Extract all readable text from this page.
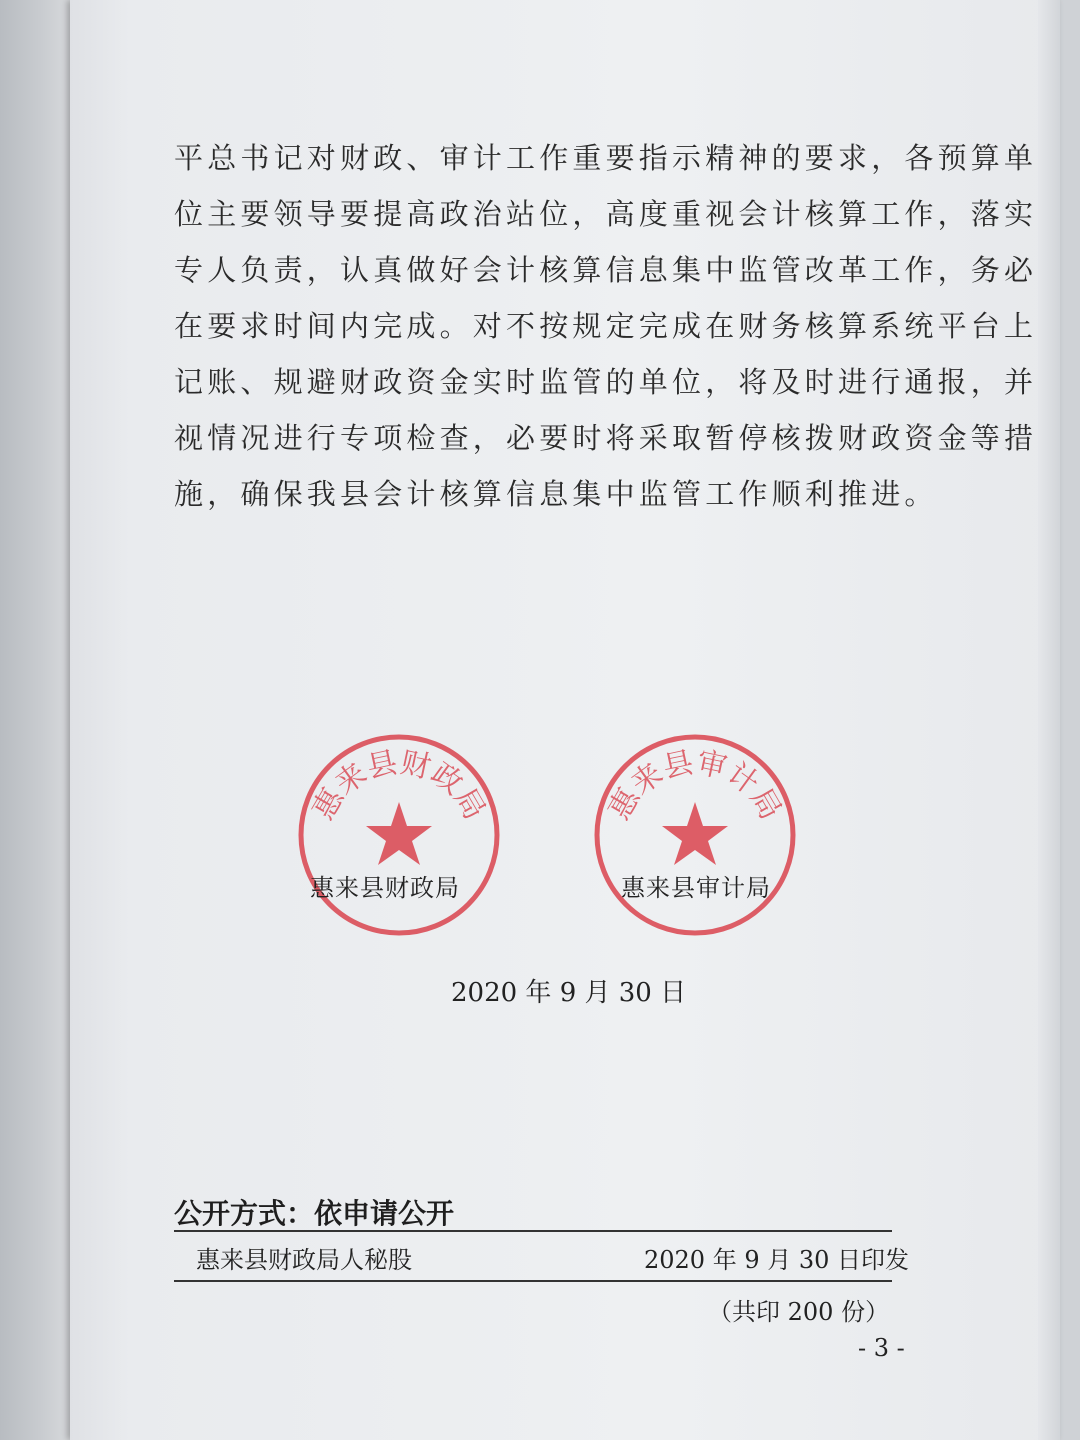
平总书记对财政、审计工作重要指示精神的要求，各预算单
位主要领导要提高政治站位，高度重视会计核算工作，落实
专人负责，认真做好会计核算信息集中监管改革工作，务必
在要求时间内完成。对不按规定完成在财务核算系统平台上
记账、规避财政资金实时监管的单位，将及时进行通报，并
视情况进行专项检查，必要时将采取暂停核拨财政资金等措
施，确保我县会计核算信息集中监管工作顺利推进。
惠来县财政局	惠来县审计局
惠来县财政局	惠来县审计局
2020 年 9 月 30 日
公开方式：依申请公开
惠来县财政局人秘股	2020 年 9 月 30 日印发
（共印 200 份）
- 3 -
